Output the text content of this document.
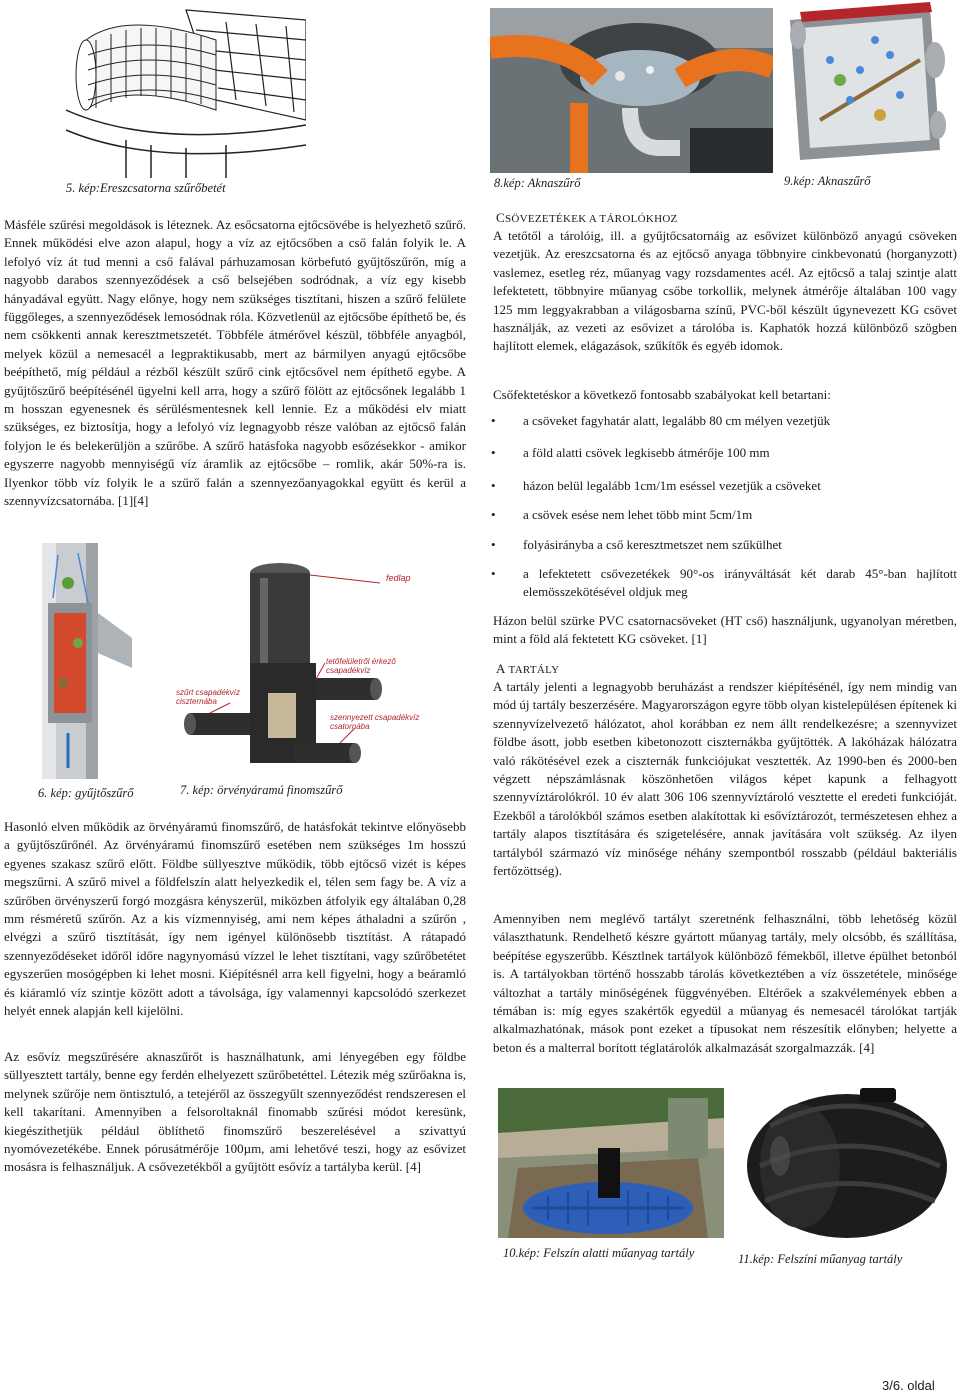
5. kép:Ereszcsatorna szűrőbetét

Másféle szűrési megoldások is léteznek. Az esőcsatorna ejtőcsövébe is helyezhető szűrő. Ennek működési elve azon alapul, hogy a víz az ejtőcsőben a cső falán folyik le. A lefolyó víz át tud menni a cső falával párhuzamosan körbefutó gyűjtőszűrőn, míg a nagyobb darabos szennyeződések a cső belsejében sodródnak, a víz egy kisebb hányadával együtt. Nagy előnye, hogy nem szükséges tisztítani, hiszen a szűrő felülete függőleges, a szennyeződések lemosódnak róla. Közvetlenül az ejtőcsőbe építhető be, és nem csökkenti annak keresztmetszetét. Többféle átmérővel készül, többféle anyagból, melyek közül a nemesacél a legpraktikusabb, mert az bármilyen anyagú ejtőcsőbe beépíthető, míg például a rézből készült szűrő cink ejtőcsővel nem építhető egybe. A gyűjtőszűrő beépítésénél ügyelni kell arra, hogy a szűrő fölött az ejtőcsőnek legalább 1 m hosszan egyenesnek és sérülésmentesnek kell lennie. Ez a működési elv miatt szükséges, ez biztosítja, hogy a lefolyó víz legnagyobb része valóban az ejtőcső falán folyjon le és belekerüljön a szűrőbe. A szűrő hatásfoka nagyobb esőzésekkor - amikor egyszerre nagyobb mennyiségű víz áramlik az ejtőcsőbe – romlik, akár 50%-ra is. Ilyenkor több víz folyik le a szűrő falán a szennyezőanyagokkal együtt és kerül a szennyvízcsatornába. [1][4]

6. kép: gyűjtőszűrő
fedlap
tetőfelületről érkező csapadékvíz
szűrt csapadékvíz ciszternába
szennyezett csapadékvíz csatornába
7. kép: örvényáramú finomszűrő

Hasonló elven működik az örvényáramú finomszűrő, de hatásfokát tekintve előnyösebb a gyűjtőszűrőnél. Az örvényáramú finomszűrő esetében nem szükséges 1m hosszú egyenes szakasz szűrő előtt. Földbe süllyesztve működik, több ejtőcső vizét is képes megszűrni. A szűrő mivel a földfelszín alatt helyezkedik el, télen sem fagy be. A víz a szűrőben örvényszerű forgó mozgásra kényszerül, miközben átfolyik egy általában 0,28 mm résméretű szűrőn. Az a kis vízmennyiség, ami nem képes áthaladni a szűrőn , elvégzi a szűrő tisztítását, így nem igényel különösebb tisztítást. A rátapadó szennyeződéseket időről időre nagynyomású vízzel le lehet tisztítani, vagy szűrőbetétet egyszerűen mosógépben ki lehet mosni. Kiépítésnél arra kell figyelni, hogy a beáramló és kiáramló víz szintje között adott a távolsága, így valamennyi kapcsolódó szerkezet helyét ennek alapján kell kijelölni.

Az esővíz megszűrésére aknaszűrőt is használhatunk, ami lényegében egy földbe süllyesztett tartály, benne egy ferdén elhelyezett szűrőbetéttel. Létezik még szűrőakna is, melynek szűrője nem öntisztuló, a tetejéről az összegyűlt szennyeződést rendszeresen el kell takarítani. Amennyiben a felsoroltaknál finomabb szűrési módot keresünk, kiegészíthetjük például öblíthető finomszűrő beszerelésével a szivattyú nyomóvezetékébe. Ennek pórusátmérője 100µm, ami lehetővé teszi, hogy az esővizet mosásra is felhasználjuk. A csővezetékből a gyűjtött esővíz a tartályba kerül. [4]

8.kép: Aknaszűrő	9.kép: Aknaszűrő
CSÖVEZETÉKEK A TÁROLÓKHOZ

A tetőtől a tárolóig, ill. a gyűjtőcsatornáig az esővizet különböző anyagú csöveken vezetjük. Az ereszcsatorna és az ejtőcső anyaga többnyire cinkbevonatú (horganyzott) vaslemez, esetleg réz, műanyag vagy rozsdamentes acél. Az ejtőcső a talaj szintje alatt lefektetett, többnyire műanyag csőbe torkollik, melynek átmérője általában 100 vagy 125 mm leggyakrabban a világosbarna színű, PVC-ből készült úgynevezett KG csövet használják, az vezeti az esővizet a tárolóba is. Kaphatók hozzá különböző szögben hajlított elemek, elágazások, szűkítők és egyéb idomok.

Csőfektetéskor a következő fontosabb szabályokat kell betartani:

• a csöveket fagyhatár alatt, legalább 80 cm mélyen vezetjük
• a föld alatti csövek legkisebb átmérője 100 mm
• házon belül legalább 1cm/1m eséssel vezetjük a csöveket
• a csövek esése nem lehet több mint 5cm/1m
• folyásirányba a cső keresztmetszet nem szűkülhet
• a lefektetett csővezetékek 90°-os irányváltását két darab 45°-ban hajlított elemösszekötésével oldjuk meg

Házon belül szürke PVC csatornacsöveket (HT cső) használjunk, ugyanolyan méretben, mint a föld alá fektetett KG csöveket. [1]

A TARTÁLY

A tartály jelenti a legnagyobb beruházást a rendszer kiépítésénél, így nem mindig van mód új tartály beszerzésére. Magyarországon egyre több olyan kistelepülésen építenek ki szennyvízelvezető hálózatot, ahol korábban ez nem állt rendelkezésre; a szennyvizet földbe ásott, jobb esetben kibetonozott ciszternákba gyűjtötték. A lakóházak hálózatra való rákötésével ezek a ciszternák funkciójukat vesztették. Az 1990-ben és 2000-ben végzett népszámlásnak köszönhetően világos képet kapunk a felhagyott szennyvíztárolókról. 10 év alatt 306 106 szennyvíztároló vesztette el eredeti funkcióját. Ezekből a tárolókból számos esetben alakítottak ki esővíztározót, természetesen ehhez a tartály alapos tisztítására és szigetelésére, annak javítására volt szükség. Az ilyen tartályból származó víz minősége néhány szempontból rosszabb (például bakteriális fertőzöttség).

Amennyiben nem meglévő tartályt szeretnénk felhasználni, több lehetőség közül választhatunk. Rendelhető készre gyártott műanyag tartály, mely olcsóbb, és szállítása, beépítése egyszerűbb. Késztlnek tartályok különböző fémekből, illetve épülhet betonból is. A tartályokban történő hosszabb tárolás következtében a víz összetétele, minősége változhat a tartály minőségének függvényében. Eltérőek a szakvélemények ebben a témában is: míg egyes szakértők egyedül a műanyag és nemesacél tárolókat tartják alkalmazhatónak, mások pont ezeket a típusokat nem részesítik előnyben; helyette a beton és a malterral borított téglatárolók alkalmazását szorgalmazzák. [4]

10.kép: Felszín alatti műanyag tartály	11.kép: Felszíni műanyag tartály
3/6. oldal
